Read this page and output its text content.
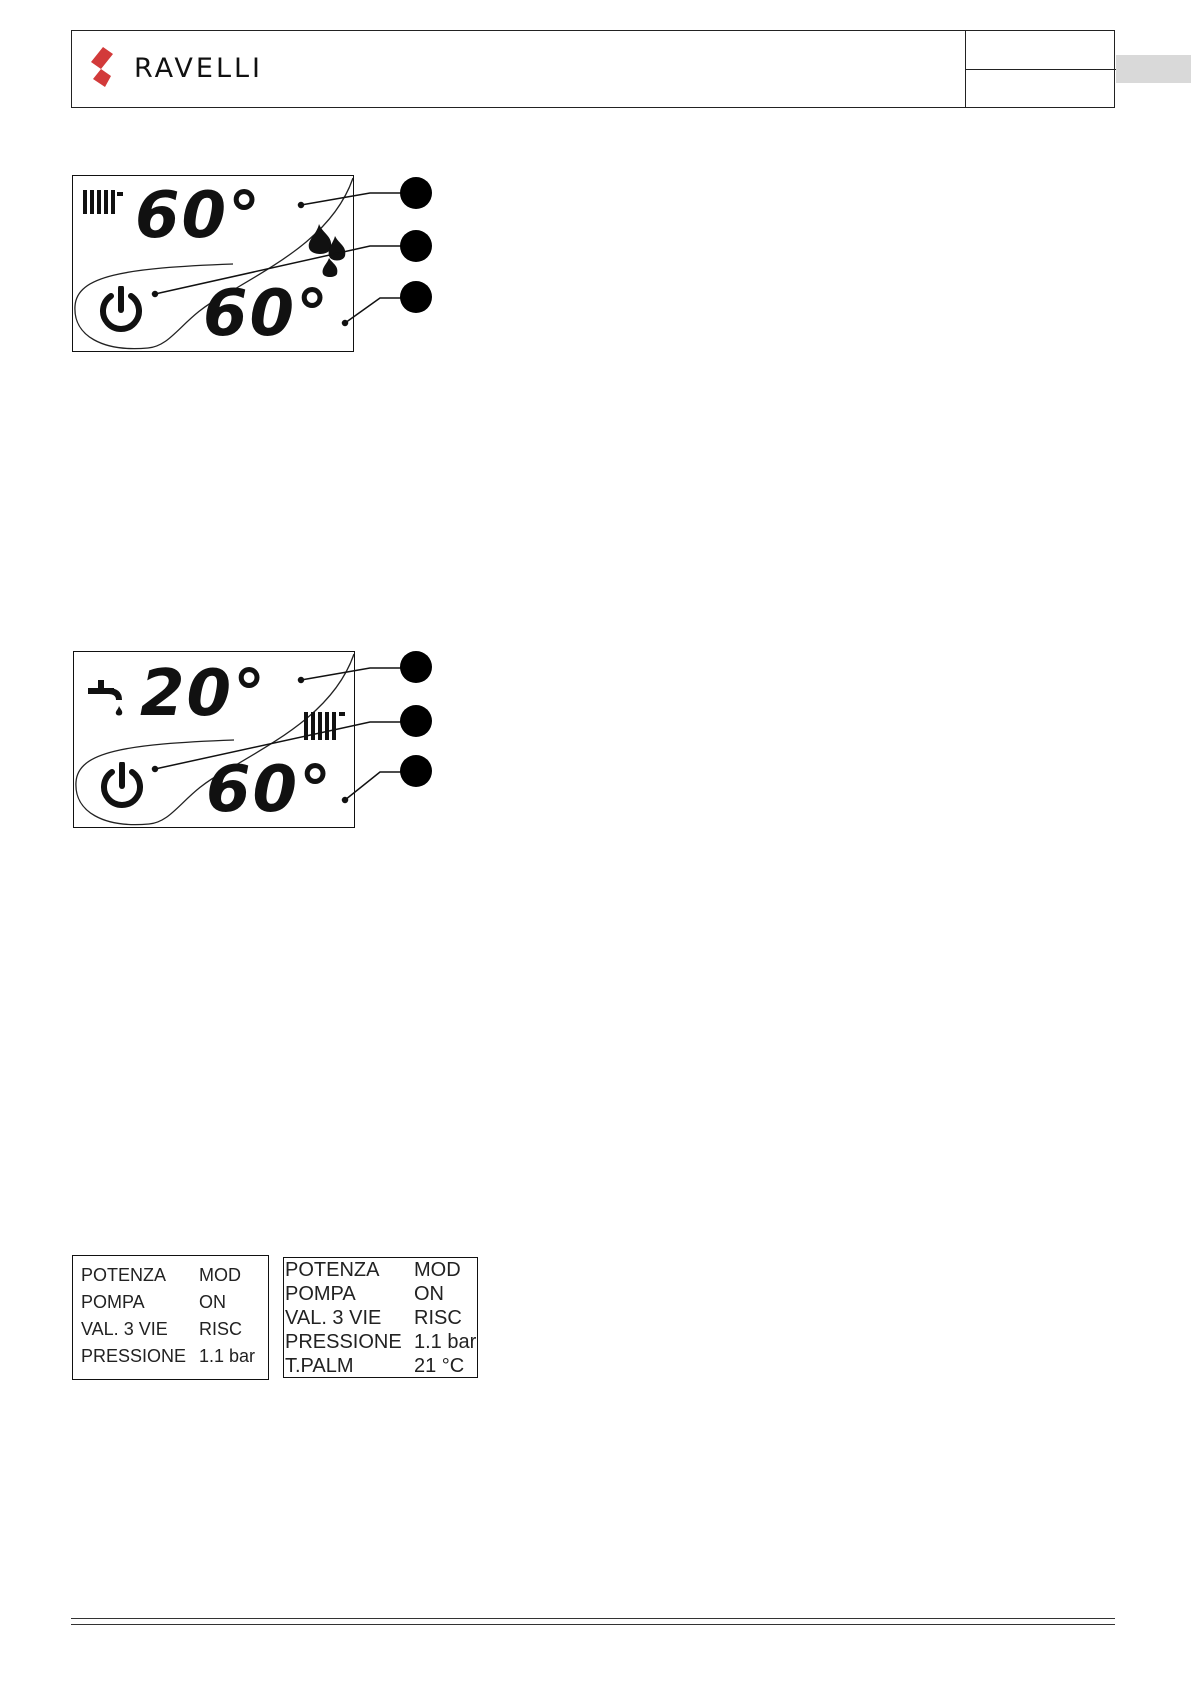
RAVELLI
60°
60°
20°
60°
POTENZA	MOD
POMPA	ON
VAL. 3 VIE	RISC
PRESSIONE	1.1 bar
POTENZA	MOD
POMPA	ON
VAL. 3 VIE	RISC
PRESSIONE	1.1 bar
T.PALM	21 °C
